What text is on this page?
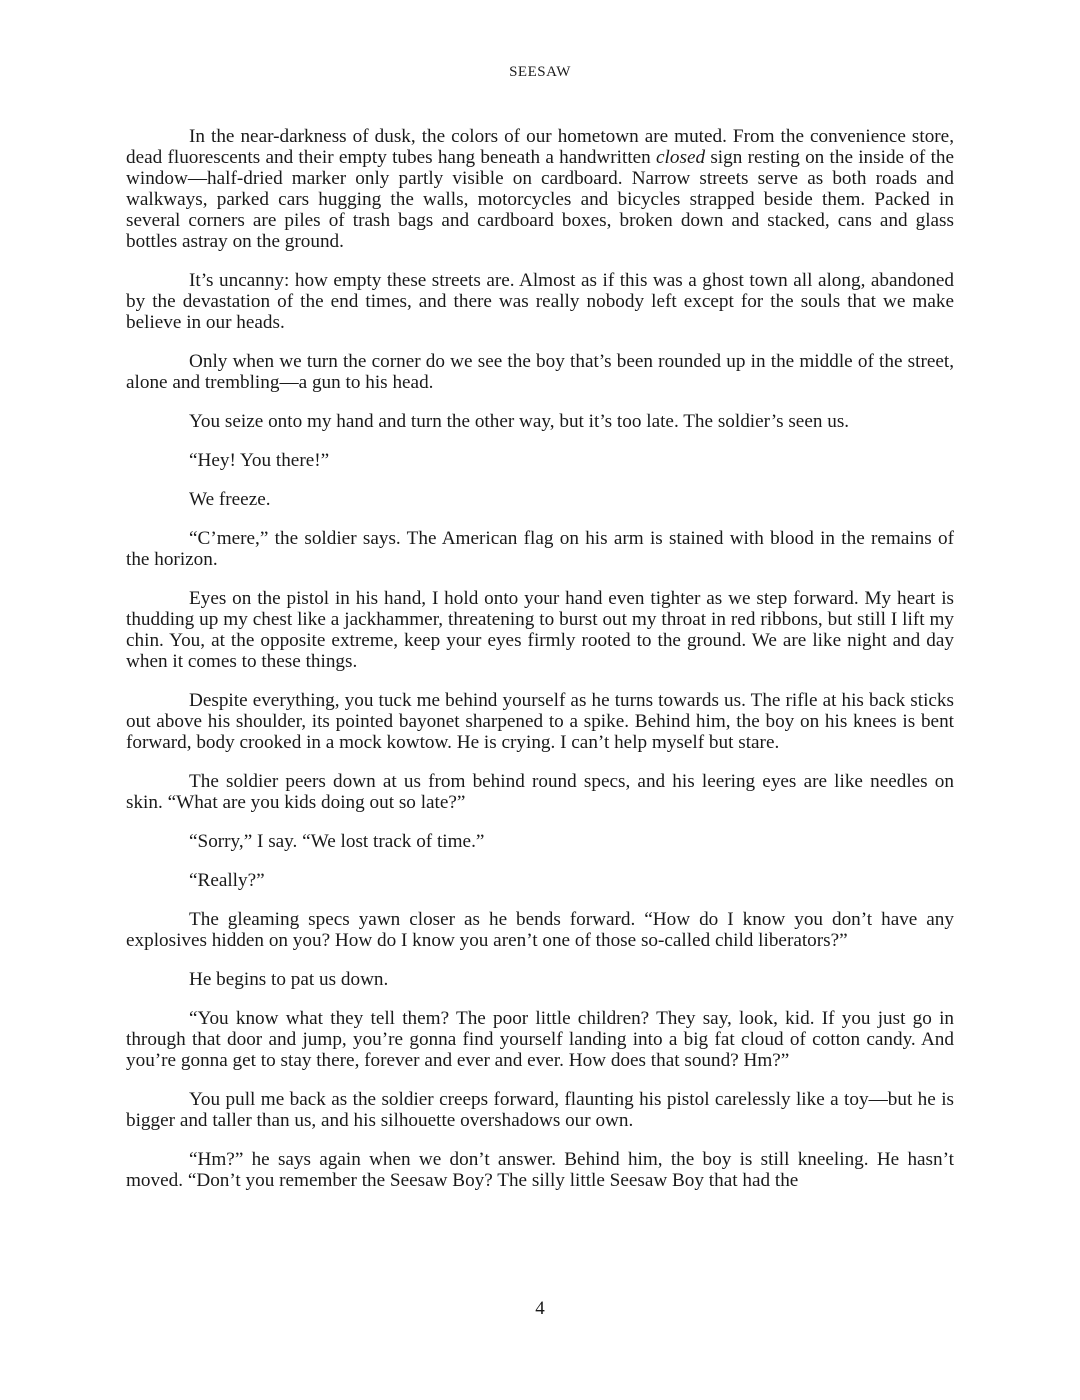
SEESAW

In the near-darkness of dusk, the colors of our hometown are muted. From the convenience store, dead fluorescents and their empty tubes hang beneath a handwritten closed sign resting on the inside of the window—half-dried marker only partly visible on cardboard. Narrow streets serve as both roads and walkways, parked cars hugging the walls, motorcycles and bicycles strapped beside them. Packed in several corners are piles of trash bags and cardboard boxes, broken down and stacked, cans and glass bottles astray on the ground.

It’s uncanny: how empty these streets are. Almost as if this was a ghost town all along, abandoned by the devastation of the end times, and there was really nobody left except for the souls that we make believe in our heads.

Only when we turn the corner do we see the boy that’s been rounded up in the middle of the street, alone and trembling—a gun to his head.

You seize onto my hand and turn the other way, but it’s too late. The soldier’s seen us.

“Hey! You there!”

We freeze.

“C’mere,” the soldier says. The American flag on his arm is stained with blood in the remains of the horizon.

Eyes on the pistol in his hand, I hold onto your hand even tighter as we step forward. My heart is thudding up my chest like a jackhammer, threatening to burst out my throat in red ribbons, but still I lift my chin. You, at the opposite extreme, keep your eyes firmly rooted to the ground. We are like night and day when it comes to these things.

Despite everything, you tuck me behind yourself as he turns towards us. The rifle at his back sticks out above his shoulder, its pointed bayonet sharpened to a spike. Behind him, the boy on his knees is bent forward, body crooked in a mock kowtow. He is crying. I can’t help myself but stare.

The soldier peers down at us from behind round specs, and his leering eyes are like needles on skin. “What are you kids doing out so late?”

“Sorry,” I say. “We lost track of time.”

“Really?”

The gleaming specs yawn closer as he bends forward. “How do I know you don’t have any explosives hidden on you? How do I know you aren’t one of those so-called child liberators?”

He begins to pat us down.

“You know what they tell them? The poor little children? They say, look, kid. If you just go in through that door and jump, you’re gonna find yourself landing into a big fat cloud of cotton candy. And you’re gonna get to stay there, forever and ever and ever. How does that sound? Hm?”

You pull me back as the soldier creeps forward, flaunting his pistol carelessly like a toy—but he is bigger and taller than us, and his silhouette overshadows our own.

“Hm?” he says again when we don’t answer. Behind him, the boy is still kneeling. He hasn’t moved. “Don’t you remember the Seesaw Boy? The silly little Seesaw Boy that had the

4
